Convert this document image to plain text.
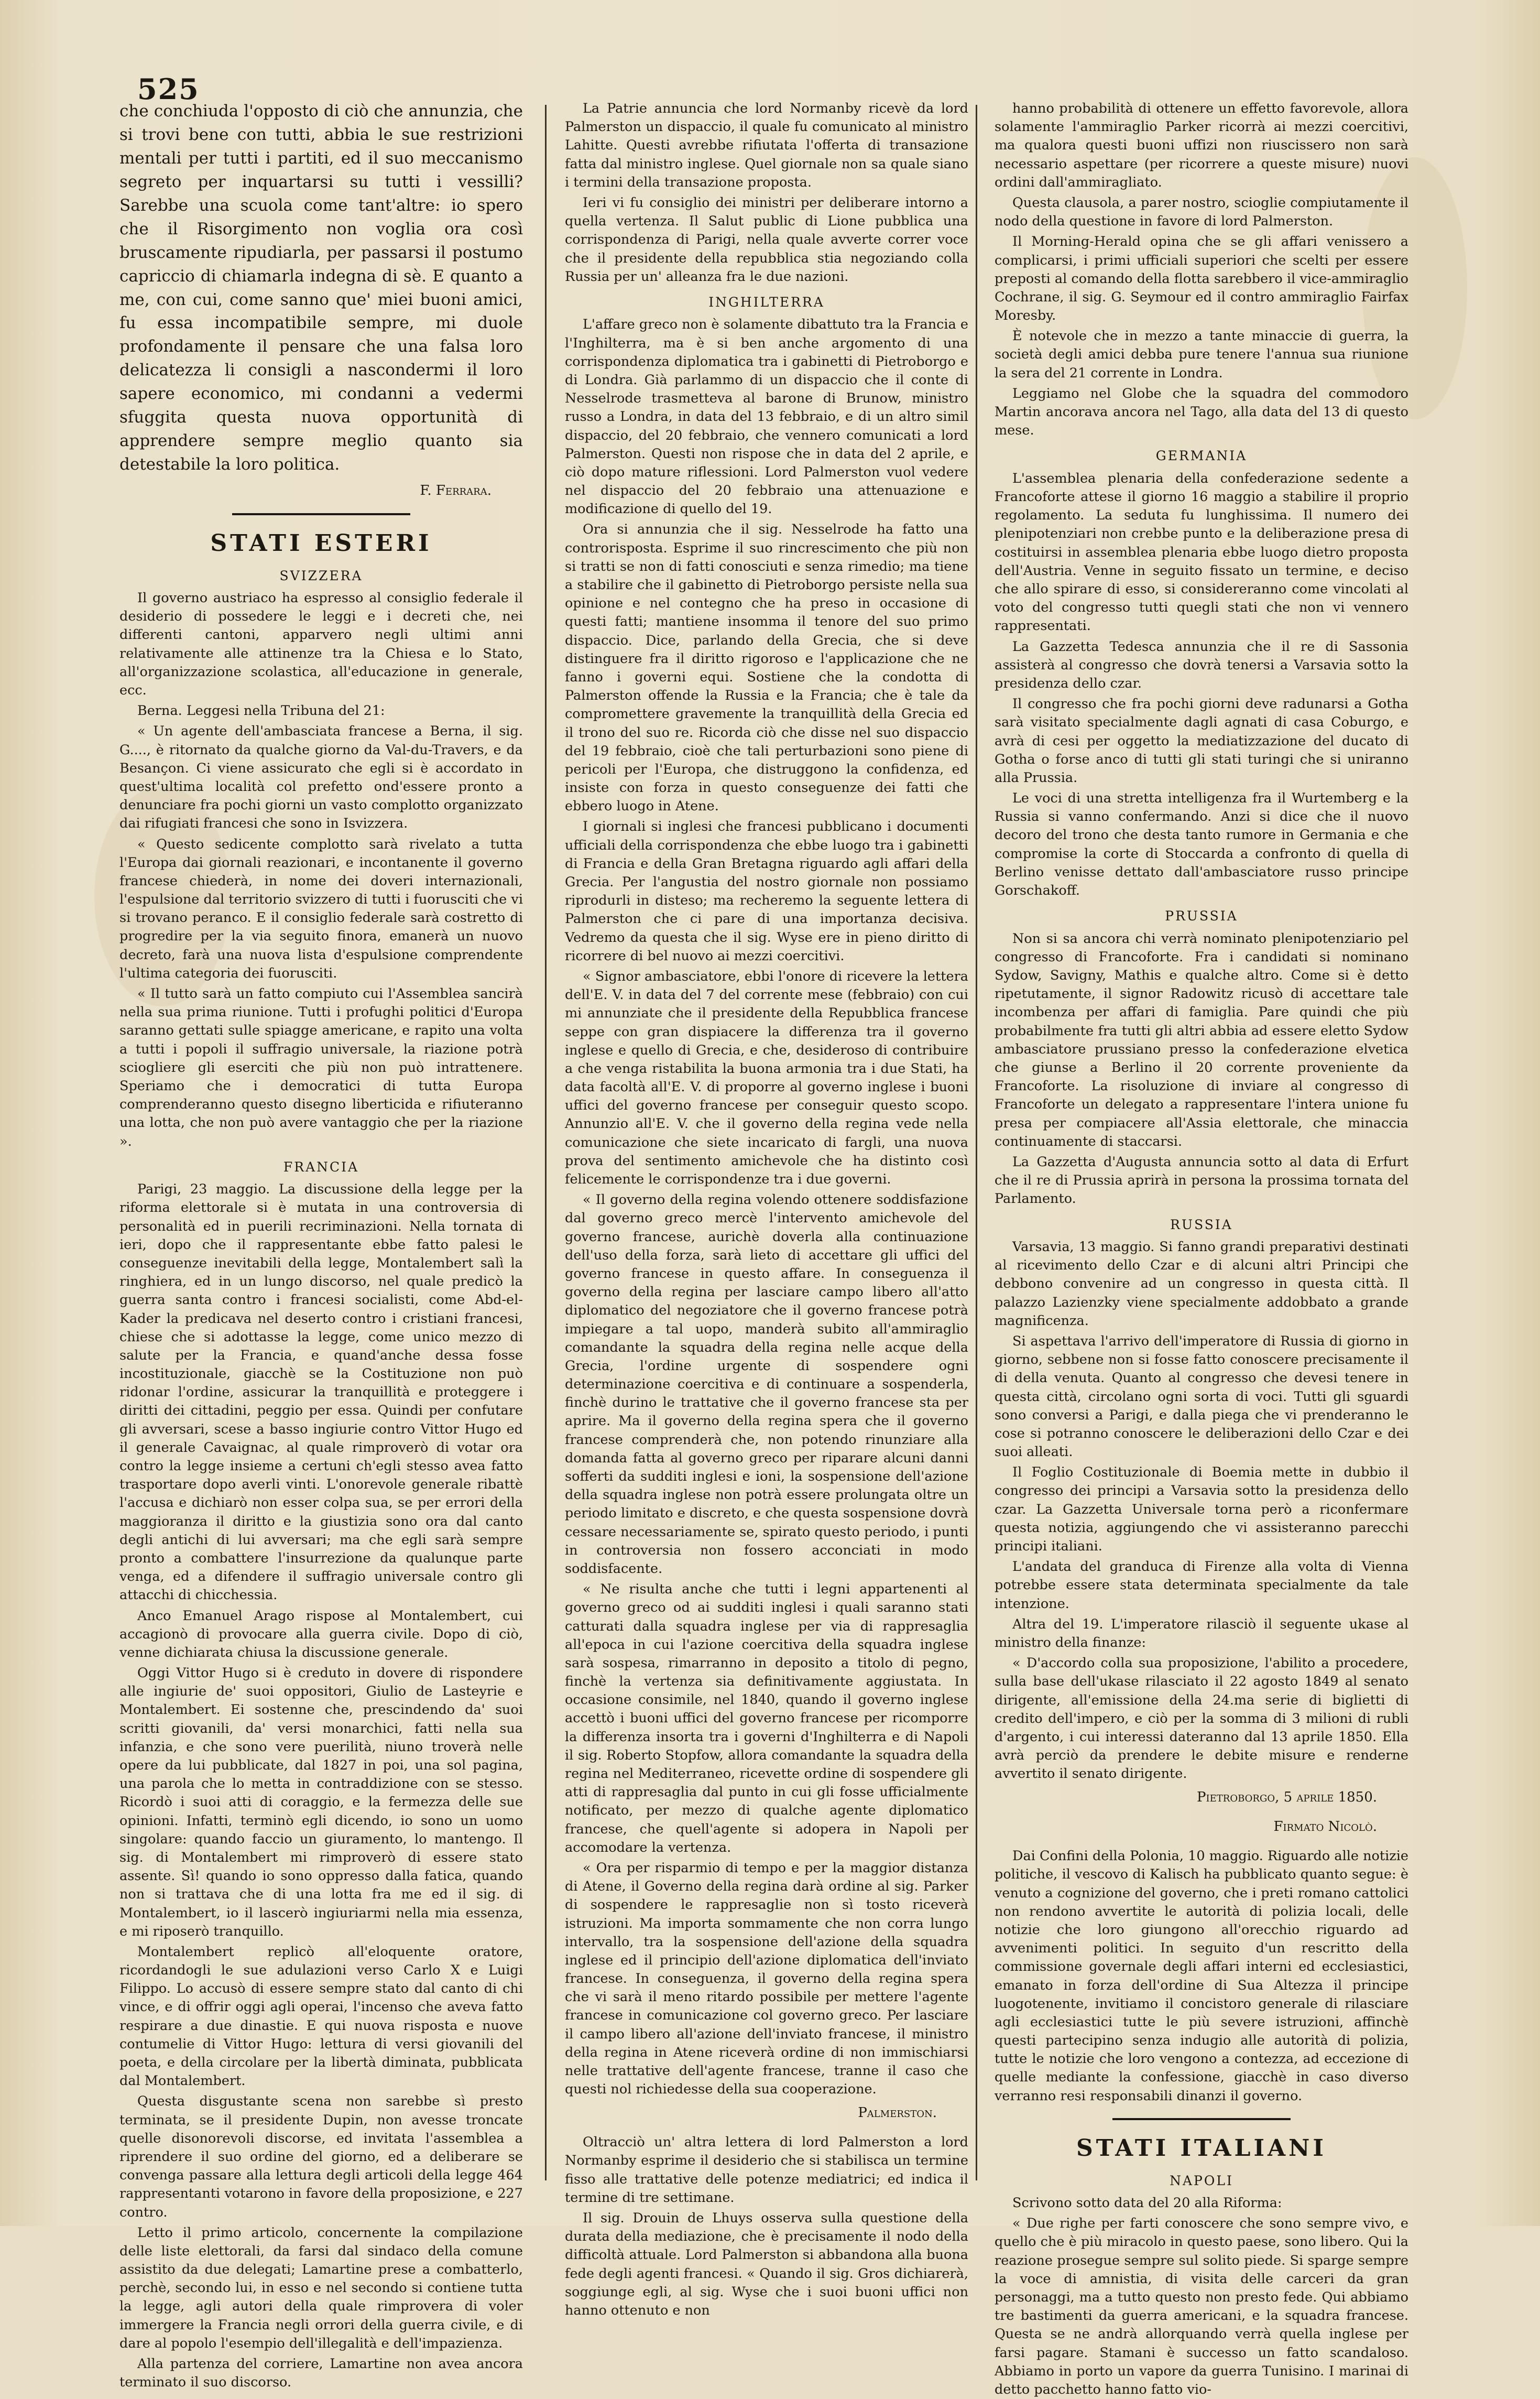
525

che conchiuda l'opposto di ciò che annunzia, che si trovi bene con tutti, abbia le sue restrizioni mentali per tutti i partiti, ed il suo meccanismo segreto per inquartarsi su tutti i vessilli? Sarebbe una scuola come tant'altre: io spero che il Risorgimento non voglia ora così bruscamente ripudiarla, per passarsi il postumo capriccio di chiamarla indegna di sè. E quanto a me, con cui, come sanno que' miei buoni amici, fu essa incompatibile sempre, mi duole profondamente il pensare che una falsa loro delicatezza li consigli a nascondermi il loro sapere economico, mi condanni a vedermi sfuggita questa nuova opportunità di apprendere sempre meglio quanto sia detestabile la loro politica.

F. Ferrara.
STATI ESTERI
SVIZZERA

Il governo austriaco ha espresso al consiglio federale il desiderio di possedere le leggi e i decreti che, nei differenti cantoni, apparvero negli ultimi anni relativamente alle attinenze tra la Chiesa e lo Stato, all'organizzazione scolastica, all'educazione in generale, ecc.

Berna. Leggesi nella Tribuna del 21:

« Un agente dell'ambasciata francese a Berna, il sig. G...., è ritornato da qualche giorno da Val-du-Travers, e da Besançon. Ci viene assicurato che egli si è accordato in quest'ultima località col prefetto ond'essere pronto a denunciare fra pochi giorni un vasto complotto organizzato dai rifugiati francesi che sono in Isvizzera.

« Questo sedicente complotto sarà rivelato a tutta l'Europa dai giornali reazionari, e incontanente il governo francese chiederà, in nome dei doveri internazionali, l'espulsione dal territorio svizzero di tutti i fuorusciti che vi si trovano peranco. E il consiglio federale sarà costretto di progredire per la via seguito finora, emanerà un nuovo decreto, farà una nuova lista d'espulsione comprendente l'ultima categoria dei fuorusciti.

« Il tutto sarà un fatto compiuto cui l'Assemblea sancirà nella sua prima riunione. Tutti i profughi politici d'Europa saranno gettati sulle spiagge americane, e rapito una volta a tutti i popoli il suffragio universale, la riazione potrà scioglierе gli eserciti che più non può intrattenere. Speriamo che i democratici di tutta Europa comprenderanno questo disegno liberticida e rifiuteranno una lotta, che non può avere vantaggio che per la riazione ».

FRANCIA

Parigi, 23 maggio. La discussione della legge per la riforma elettorale si è mutata in una controversia di personalità ed in puerili recriminazioni. Nella tornata di ieri, dopo che il rappresentante ebbe fatto palesi le conseguenze inevitabili della legge, Montalembert salì la ringhiera, ed in un lungo discorso, nel quale predicò la guerra santa contro i francesi socialisti, come Abd-el-Kader la predicava nel deserto contro i cristiani francesi, chiese che si adottasse la legge, come unico mezzo di salute per la Francia, e quand'anche dessa fosse incostituzionale, giacchè se la Costituzione non può ridonar l'ordine, assicurar la tranquillità e proteggere i diritti dei cittadini, peggio per essa. Quindi per confutare gli avversari, scese a basso ingiurie contro Vittor Hugo ed il generale Cavaignac, al quale rimproverò di votar ora contro la legge insieme a certuni ch'egli stesso avea fatto trasportare dopo averli vinti. L'onorevole generale ribattè l'accusa e dichiarò non esser colpa sua, se per errori della maggioranza il diritto e la giustizia sono ora dal canto degli antichi di lui avversari; ma che egli sarà sempre pronto a combattere l'insurrezione da qualunque parte venga, ed a difendere il suffragio universale contro gli attacchi di chicchessia.

Anco Emanuel Arago rispose al Montalembert, cui accagionò di provocare alla guerra civile. Dopo di ciò, venne dichiarata chiusa la discussione generale.

Oggi Vittor Hugo si è creduto in dovere di rispondere alle ingiurie de' suoi oppositori, Giulio de Lasteyrie e Montalembert. Ei sostenne che, prescindendo da' suoi scritti giovanili, da' versi monarchici, fatti nella sua infanzia, e che sono vere puerilità, niuno troverà nelle opere da lui pubblicate, dal 1827 in poi, una sol pagina, una parola che lo metta in contraddizione con se stesso. Ricordò i suoi atti di coraggio, e la fermezza delle sue opinioni. Infatti, terminò egli dicendo, io sono un uomo singolare: quando faccio un giuramento, lo mantengo. Il sig. di Montalembert mi rimproverò di essere stato assente. Sì! quando io sono oppresso dalla fatica, quando non si trattava che di una lotta fra me ed il sig. di Montalembert, io il lascerò ingiuriarmi nella mia essenza, e mi riposerò tranquillo.

Montalembert replicò all'eloquente oratore, ricordandogli le sue adulazioni verso Carlo X e Luigi Filippo. Lo accusò di essere sempre stato dal canto di chi vince, e di offrir oggi agli operai, l'incenso che aveva fatto respirare a due dinastie. E qui nuova risposta e nuove contumelie di Vittor Hugo: lettura di versi giovanili del poeta, e della circolare per la libertà diminata, pubblicata dal Montalembert.

Questa disgustante scena non sarebbe sì presto terminata, se il presidente Dupin, non avesse troncate quelle disonorevoli discorse, ed invitata l'assemblea a riprendere il suo ordine del giorno, ed a deliberare se convenga passare alla lettura degli articoli della legge 464 rappresentanti votarono in favore della proposizione, e 227 contro.

Letto il primo articolo, concernente la compilazione delle liste elettorali, da farsi dal sindaco della comune assistito da due delegati; Lamartine prese a combatterlo, perchè, secondo lui, in esso e nel secondo si contiene tutta la legge, agli autori della quale rimprovera di voler immergere la Francia negli orrori della guerra civile, e di dare al popolo l'esempio dell'illegalità e dell'impazienza.

Alla partenza del corriere, Lamartine non avea ancora terminato il suo discorso.

La Patrie annuncia che lord Normanby ricevè da lord Palmerston un dispaccio, il quale fu comunicato al ministro Lahitte. Questi avrebbe rifiutata l'offerta di transazione fatta dal ministro inglese. Quel giornale non sa quale siano i termini della transazione proposta.

Ieri vi fu consiglio dei ministri per deliberare intorno a quella vertenza. Il Salut public di Lione pubblica una corrispondenza di Parigi, nella quale avverte correr voce che il presidente della repubblica stia negoziando colla Russia per un' alleanza fra le due nazioni.

INGHILTERRA

L'affare greco non è solamente dibattuto tra la Francia e l'Inghilterra, ma è si ben anche argomento di una corrispondenza diplomatica tra i gabinetti di Pietroborgo e di Londra. Già parlammo di un dispaccio che il conte di Nesselrode trasmetteva al barone di Brunow, ministro russo a Londra, in data del 13 febbraio, e di un altro simil dispaccio, del 20 febbraio, che vennero comunicati a lord Palmerston. Questi non rispose che in data del 2 aprile, e ciò dopo mature riflessioni. Lord Palmerston vuol vedere nel dispaccio del 20 febbraio una attenuazione e modificazione di quello del 19.

Ora si annunzia che il sig. Nesselrode ha fatto una controrisposta. Esprime il suo rincrescimento che più non si tratti se non di fatti conosciuti e senza rimedio; ma tiene a stabilire che il gabinetto di Pietroborgo persiste nella sua opinione e nel contegno che ha preso in occasione di questi fatti; mantiene insomma il tenore del suo primo dispaccio. Dice, parlando della Grecia, che si deve distinguere fra il diritto rigoroso e l'applicazione che ne fanno i governi equi. Sostiene che la condotta di Palmerston offende la Russia e la Francia; che è tale da compromettere gravemente la tranquillità della Grecia ed il trono del suo re. Ricorda ciò che disse nel suo dispaccio del 19 febbraio, cioè che tali perturbazioni sono piene di pericoli per l'Europa, che distruggono la confidenza, ed insiste con forza in questo conseguenze dei fatti che ebbero luogo in Atene.

I giornali si inglesi che francesi pubblicano i documenti ufficiali della corrispondenza che ebbe luogo tra i gabinetti di Francia e della Gran Bretagna riguardo agli affari della Grecia. Per l'angustia del nostro giornale non possiamo riprodurli in disteso; ma recheremo la seguente lettera di Palmerston che ci pare di una importanza decisiva. Vedremo da questa che il sig. Wyse ere in pieno diritto di ricorrere di bel nuovo ai mezzi coercitivi.

« Signor ambasciatore, ebbi l'onore di ricevere la lettera dell'E. V. in data del 7 del corrente mese (febbraio) con cui mi annunziate che il presidente della Repubblica francese seppe con gran dispiacere la differenza tra il governo inglese e quello di Grecia, e che, desideroso di contribuire a che venga ristabilita la buona armonia tra i due Stati, ha data facoltà all'E. V. di proporre al governo inglese i buoni uffici del governo francese per conseguir questo scopo. Annunzio all'E. V. che il governo della regina vede nella comunicazione che siete incaricato di fargli, una nuova prova del sentimento amichevole che ha distinto così felicemente le corrispondenze tra i due governi.

« Il governo della regina volendo ottenere soddisfazione dal governo greco mercè l'intervento amichevole del governo francese, aurichè doverla alla continuazione dell'uso della forza, sarà lieto di accettare gli uffici del governo francese in questo affare. In conseguenza il governo della regina per lasciare campo libero all'atto diplomatico del negoziatore che il governo francese potrà impiegare a tal uopo, manderà subito all'ammiraglio comandante la squadra della regina nelle acque della Grecia, l'ordine urgente di sospendere ogni determinazione coercitiva e di continuare a sospenderla, finchè durino le trattative che il governo francese sta per aprire. Ma il governo della regina spera che il governo francese comprenderà che, non potendo rinunziare alla domanda fatta al governo greco per riparare alcuni danni sofferti da sudditi inglesi e ioni, la sospensione dell'azione della squadra inglese non potrà essere prolungata oltre un periodo limitato e discreto, e che questa sospensione dovrà cessare necessariamente se, spirato questo periodo, i punti in controversia non fossero acconciati in modo soddisfacente.

« Ne risulta anche che tutti i legni appartenenti al governo greco od ai sudditi inglesi i quali saranno stati catturati dalla squadra inglese per via di rappresaglia all'epoca in cui l'azione coercitiva della squadra inglese sarà sospesa, rimarranno in deposito a titolo di pegno, finchè la vertenza sia definitivamente aggiustata. In occasione consimile, nel 1840, quando il governo inglese accettò i buoni uffici del governo francese per ricomporre la differenza insorta tra i governi d'Inghilterra e di Napoli il sig. Roberto Stopfow, allora comandante la squadra della regina nel Mediterraneo, ricevette ordine di sospendere gli atti di rappresaglia dal punto in cui gli fosse ufficialmente notificato, per mezzo di qualche agente diplomatico francese, che quell'agente si adopera in Napoli per accomodare la vertenza.

« Ora per risparmio di tempo e per la maggior distanza di Atene, il Governo della regina darà ordine al sig. Parker di sospendere le rappresaglie non sì tosto riceverà istruzioni. Ma importa sommamente che non corra lungo intervallo, tra la sospensione dell'azione della squadra inglese ed il principio dell'azione diplomatica dell'inviato francese. In conseguenza, il governo della regina spera che vi sarà il meno ritardo possibile per mettere l'agente francese in comunicazione col governo greco. Per lasciare il campo libero all'azione dell'inviato francese, il ministro della regina in Atene riceverà ordine di non immischiarsi nelle trattative dell'agente francese, tranne il caso che questi nol richiedesse della sua cooperazione.

Palmerston.

Oltracciò un' altra lettera di lord Palmerston a lord Normanby esprime il desiderio che si stabilisca un termine fisso alle trattative delle potenze mediatrici; ed indica il termine di tre settimane.

Il sig. Drouin de Lhuys osserva sulla questione della durata della mediazione, che è precisamente il nodo della difficoltà attuale. Lord Palmerston si abbandona alla buona fede degli agenti francesi. « Quando il sig. Gros dichiarerà, soggiunge egli, al sig. Wyse che i suoi buoni uffici non hanno ottenuto e non

hanno probabilità di ottenere un effetto favorevole, allora solamente l'ammiraglio Parker ricorrà ai mezzi coercitivi, ma qualora questi buoni uffizi non riuscissero non sarà necessario aspettare (per ricorrere a queste misure) nuovi ordini dall'ammiragliato.

Questa clausola, a parer nostro, scioglie compiutamente il nodo della questione in favore di lord Palmerston.

Il Morning-Herald opina che se gli affari venissero a complicarsi, i primi ufficiali superiori che scelti per essere preposti al comando della flotta sarebbero il vice-ammiraglio Cochrane, il sig. G. Seymour ed il contro ammiraglio Fairfax Moresby.

È notevole che in mezzo a tante minaccie di guerra, la società degli amici debba pure tenere l'annua sua riunione la sera del 21 corrente in Londra.

Leggiamo nel Globe che la squadra del commodoro Martin ancorava ancora nel Tago, alla data del 13 di questo mese.

GERMANIA

L'assemblea plenaria della confederazione sedente a Francoforte attese il giorno 16 maggio a stabilire il proprio regolamento. La seduta fu lunghissima. Il numero dei plenipotenziari non crebbe punto e la deliberazione presa di costituirsi in assemblea plenaria ebbe luogo dietro proposta dell'Austria. Venne in seguito fissato un termine, e deciso che allo spirare di esso, si considereranno come vincolati al voto del congresso tutti quegli stati che non vi vennero rappresentati.

La Gazzetta Tedesca annunzia che il re di Sassonia assisterà al congresso che dovrà tenersi a Varsavia sotto la presidenza dello czar.

Il congresso che fra pochi giorni deve radunarsi a Gotha sarà visitato specialmente dagli agnati di casa Coburgo, e avrà di cesi per oggetto la mediatizzazione del ducato di Gotha o forse anco di tutti gli stati turingi che si uniranno alla Prussia.

Le voci di una stretta intelligenza fra il Wurtemberg e la Russia si vanno confermando. Anzi si dice che il nuovo decoro del trono che desta tanto rumore in Germania e che compromise la corte di Stoccarda a confronto di quella di Berlino venisse dettato dall'ambasciatore russo principe Gorschakoff.

PRUSSIA

Non si sa ancora chi verrà nominato plenipotenziario pel congresso di Francoforte. Fra i candidati si nominano Sydow, Savigny, Mathis e qualche altro. Come si è detto ripetutamente, il signor Radowitz ricusò di accettare tale incombenza per affari di famiglia. Pare quindi che più probabilmente fra tutti gli altri abbia ad essere eletto Sydow ambasciatore prussiano presso la confederazione elvetica che giunse a Berlino il 20 corrente proveniente da Francoforte. La risoluzione di inviare al congresso di Francoforte un delegato a rappresentare l'intera unione fu presa per compiacere all'Assia elettorale, che minaccia continuamente di staccarsi.

La Gazzetta d'Augusta annuncia sotto al data di Erfurt che il re di Prussia aprirà in persona la prossima tornata del Parlamento.

RUSSIA

Varsavia, 13 maggio. Si fanno grandi preparativi destinati al ricevimento dello Czar e di alcuni altri Principi che debbono convenire ad un congresso in questa città. Il palazzo Lazienzky viene specialmente addobbato a grande magnificenza.

Si aspettava l'arrivo dell'imperatore di Russia di giorno in giorno, sebbene non si fosse fatto conoscere precisamente il di della venuta. Quanto al congresso che devesi tenere in questa città, circolano ogni sorta di voci. Tutti gli sguardi sono conversi a Parigi, e dalla piega che vi prenderanno le cose si potranno conoscere le deliberazioni dello Czar e dei suoi alleati.

Il Foglio Costituzionale di Boemia mette in dubbio il congresso dei principi a Varsavia sotto la presidenza dello czar. La Gazzetta Universale torna però a riconfermare questa notizia, aggiungendo che vi assisteranno parecchi principi italiani.

L'andata del granduca di Firenze alla volta di Vienna potrebbe essere stata determinata specialmente da tale intenzione.

Altra del 19. L'imperatore rilasciò il seguente ukase al ministro della finanze:

« D'accordo colla sua proposizione, l'abilito a procedere, sulla base dell'ukase rilasciato il 22 agosto 1849 al senato dirigente, all'emissione della 24.ma serie di biglietti di credito dell'impero, e ciò per la somma di 3 milioni di rubli d'argento, i cui interessi dateranno dal 13 aprile 1850. Ella avrà perciò da prendere le debite misure e renderne avvertito il senato dirigente.

Pietroborgo, 5 aprile 1850.
Firmato Nicolò.

Dai Confini della Polonia, 10 maggio. Riguardo alle notizie politiche, il vescovo di Kalisch ha pubblicato quanto segue: è venuto a cognizione del governo, che i preti romano cattolici non rendono avvertite le autorità di polizia locali, delle notizie che loro giungono all'orecchio riguardo ad avvenimenti politici. In seguito d'un rescritto della commissione governale degli affari interni ed ecclesiastici, emanato in forza dell'ordine di Sua Altezza il principe luogotenente, invitiamo il concistoro generale di rilasciare agli ecclesiastici tutte le più severe istruzioni, affinchè questi partecipino senza indugio alle autorità di polizia, tutte le notizie che loro vengono a contezza, ad eccezione di quelle mediante la confessione, giacchè in caso diverso verranno resi responsabili dinanzi il governo.

STATI ITALIANI
NAPOLI

Scrivono sotto data del 20 alla Riforma:

« Due righe per farti conoscere che sono sempre vivo, e quello che è più miracolo in questo paese, sono libero. Qui la reazione prosegue sempre sul solito piede. Si sparge sempre la voce di amnistia, di visita delle carceri da gran personaggi, ma a tutto questo non presto fede. Qui abbiamo tre bastimenti da guerra americani, e la squadra francese. Questa se ne andrà allorquando verrà quella inglese per farsi pagare. Stamani è successo un fatto scandaloso. Abbiamo in porto un vapore da guerra Tunisino. I marinai di detto pacchetto hanno fatto vio-
